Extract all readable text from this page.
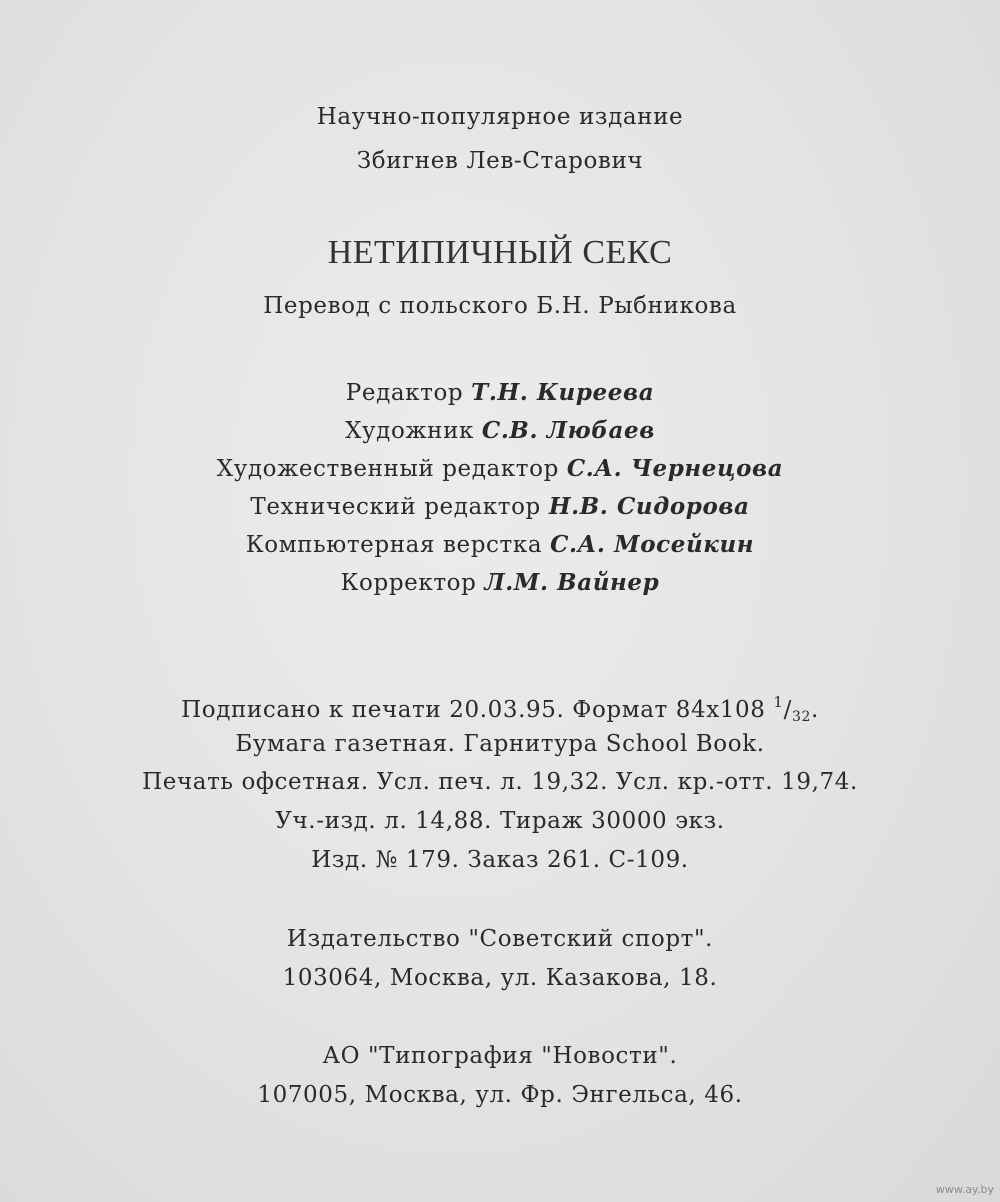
Научно-популярное издание
Збигнев Лев-Старович
НЕТИПИЧНЫЙ СЕКС
Перевод с польского Б.Н. Рыбникова
Редактор Т.Н. Киреева
Художник С.В. Любаев
Художественный редактор С.А. Чернецова
Технический редактор Н.В. Сидорова
Компьютерная верстка С.А. Мосейкин
Корректор Л.М. Вайнер
Подписано к печати 20.03.95. Формат 84х108 $^1/_{32}$.
Бумага газетная. Гарнитура School Book.
Печать офсетная. Усл. печ. л. 19,32. Усл. кр.-отт. 19,74.
Уч.-изд. л. 14,88. Тираж 30000 экз.
Изд. № 179. Заказ 261. С-109.
Издательство "Советский спорт".
103064, Москва, ул. Казакова, 18.
АО "Типография "Новости".
107005, Москва, ул. Фр. Энгельса, 46.
www.ay.by
